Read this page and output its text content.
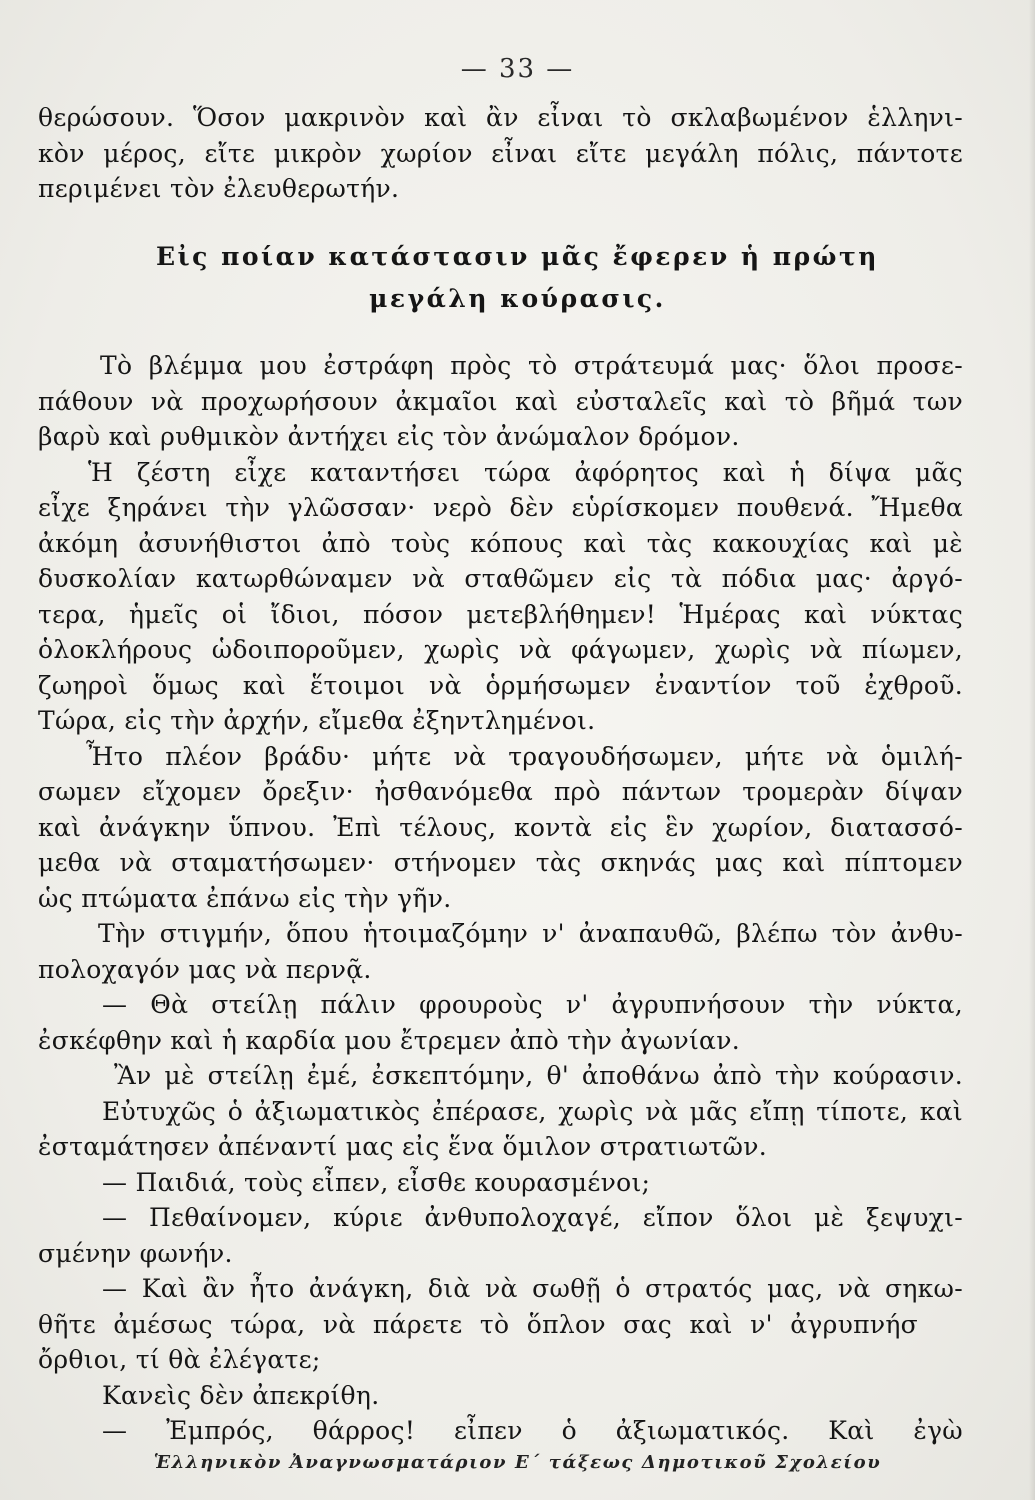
— 33 —
θερώσουν. Ὅσον μακρινὸν καὶ ἂν εἶναι τὸ σκλαβωμένον ἑλληνι-
κὸν μέρος, εἴτε μικρὸν χωρίον εἶναι εἴτε μεγάλη πόλις, πάντοτε
περιμένει τὸν ἐλευθερωτήν.
Εἰς ποίαν κατάστασιν μᾶς ἔφερεν ἡ πρώτη
μεγάλη κούρασις.
Τὸ βλέμμα μου ἐστράφη πρὸς τὸ στράτευμά μας· ὅλοι προσε-
πάθουν νὰ προχωρήσουν ἀκμαῖοι καὶ εὐσταλεῖς καὶ τὸ βῆμά των
βαρὺ καὶ ρυθμικὸν ἀντήχει εἰς τὸν ἀνώμαλον δρόμον.
Ἡ ζέστη εἶχε καταντήσει τώρα ἀφόρητος καὶ ἡ δίψα μᾶς
εἶχε ξηράνει τὴν γλῶσσαν· νερὸ δὲν εὑρίσκομεν πουθενά. Ἤμεθα
ἀκόμη ἀσυνήθιστοι ἀπὸ τοὺς κόπους καὶ τὰς κακουχίας καὶ μὲ
δυσκολίαν κατωρθώναμεν νὰ σταθῶμεν εἰς τὰ πόδια μας· ἀργό-
τερα, ἡμεῖς οἱ ἴδιοι, πόσον μετεβλήθημεν! Ἡμέρας καὶ νύκτας
ὁλοκλήρους ὡδοιποροῦμεν, χωρὶς νὰ φάγωμεν, χωρὶς νὰ πίωμεν,
ζωηροὶ ὅμως καὶ ἕτοιμοι νὰ ὁρμήσωμεν ἐναντίον τοῦ ἐχθροῦ.
Τώρα, εἰς τὴν ἀρχήν, εἴμεθα ἐξηντλημένοι.
Ἦτο πλέον βράδυ· μήτε νὰ τραγουδήσωμεν, μήτε νὰ ὁμιλή-
σωμεν εἴχομεν ὄρεξιν· ἠσθανόμεθα πρὸ πάντων τρομερὰν δίψαν
καὶ ἀνάγκην ὕπνου. Ἐπὶ τέλους, κοντὰ εἰς ἓν χωρίον, διατασσό-
μεθα νὰ σταματήσωμεν· στήνομεν τὰς σκηνάς μας καὶ πίπτομεν
ὡς πτώματα ἐπάνω εἰς τὴν γῆν.
Τὴν στιγμήν, ὅπου ἡτοιμαζόμην ν' ἀναπαυθῶ, βλέπω τὸν ἀνθυ-
πολοχαγόν μας νὰ περνᾷ.
— Θὰ στείλῃ πάλιν φρουροὺς ν' ἀγρυπνήσουν τὴν νύκτα,
ἐσκέφθην καὶ ἡ καρδία μου ἔτρεμεν ἀπὸ τὴν ἀγωνίαν.
Ἂν μὲ στείλῃ ἐμέ, ἐσκεπτόμην, θ' ἀποθάνω ἀπὸ τὴν κούρασιν.
Εὐτυχῶς ὁ ἀξιωματικὸς ἐπέρασε, χωρὶς νὰ μᾶς εἴπῃ τίποτε, καὶ
ἐσταμάτησεν ἀπέναντί μας εἰς ἕνα ὅμιλον στρατιωτῶν.
— Παιδιά, τοὺς εἶπεν, εἶσθε κουρασμένοι;
— Πεθαίνομεν, κύριε ἀνθυπολοχαγέ, εἴπον ὅλοι μὲ ξεψυχι-
σμένην φωνήν.
— Καὶ ἂν ἦτο ἀνάγκη, διὰ νὰ σωθῇ ὁ στρατός μας, νὰ σηκω-
θῆτε ἀμέσως τώρα, νὰ πάρετε τὸ ὅπλον σας καὶ ν' ἀγρυπνήσ
ὄρθιοι, τί θὰ ἐλέγατε;
Κανεὶς δὲν ἀπεκρίθη.
— Ἐμπρός, θάρρος! εἶπεν ὁ ἀξιωματικός. Καὶ ἐγὼ
Ἑλληνικὸν Ἀναγνωσματάριον Ε΄ τάξεως Δημοτικοῦ Σχολείου
